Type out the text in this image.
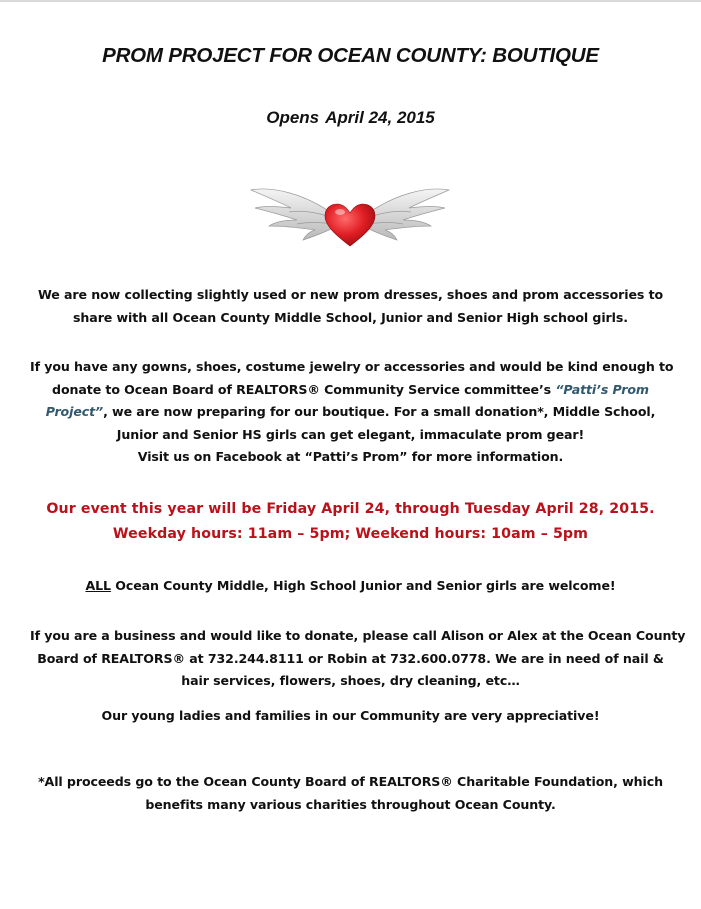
PROM PROJECT FOR OCEAN COUNTY: BOUTIQUE
Opens April 24, 2015
We are now collecting slightly used or new prom dresses, shoes and prom accessories to
share with all Ocean County Middle School, Junior and Senior High school girls.
If you have any gowns, shoes, costume jewelry or accessories and would be kind enough to
donate to Ocean Board of REALTORS® Community Service committee’s “Patti’s Prom
Project”, we are now preparing for our boutique. For a small donation*, Middle School,
Junior and Senior HS girls can get elegant, immaculate prom gear!
Visit us on Facebook at “Patti’s Prom” for more information.
Our event this year will be Friday April 24, through Tuesday April 28, 2015.
Weekday hours: 11am – 5pm; Weekend hours: 10am – 5pm
ALL Ocean County Middle, High School Junior and Senior girls are welcome!
If you are a business and would like to donate, please call Alison or Alex at the Ocean County
Board of REALTORS® at 732.244.8111 or Robin at 732.600.0778. We are in need of nail &
hair services, flowers, shoes, dry cleaning, etc…
Our young ladies and families in our Community are very appreciative!
*All proceeds go to the Ocean County Board of REALTORS® Charitable Foundation, which
benefits many various charities throughout Ocean County.
